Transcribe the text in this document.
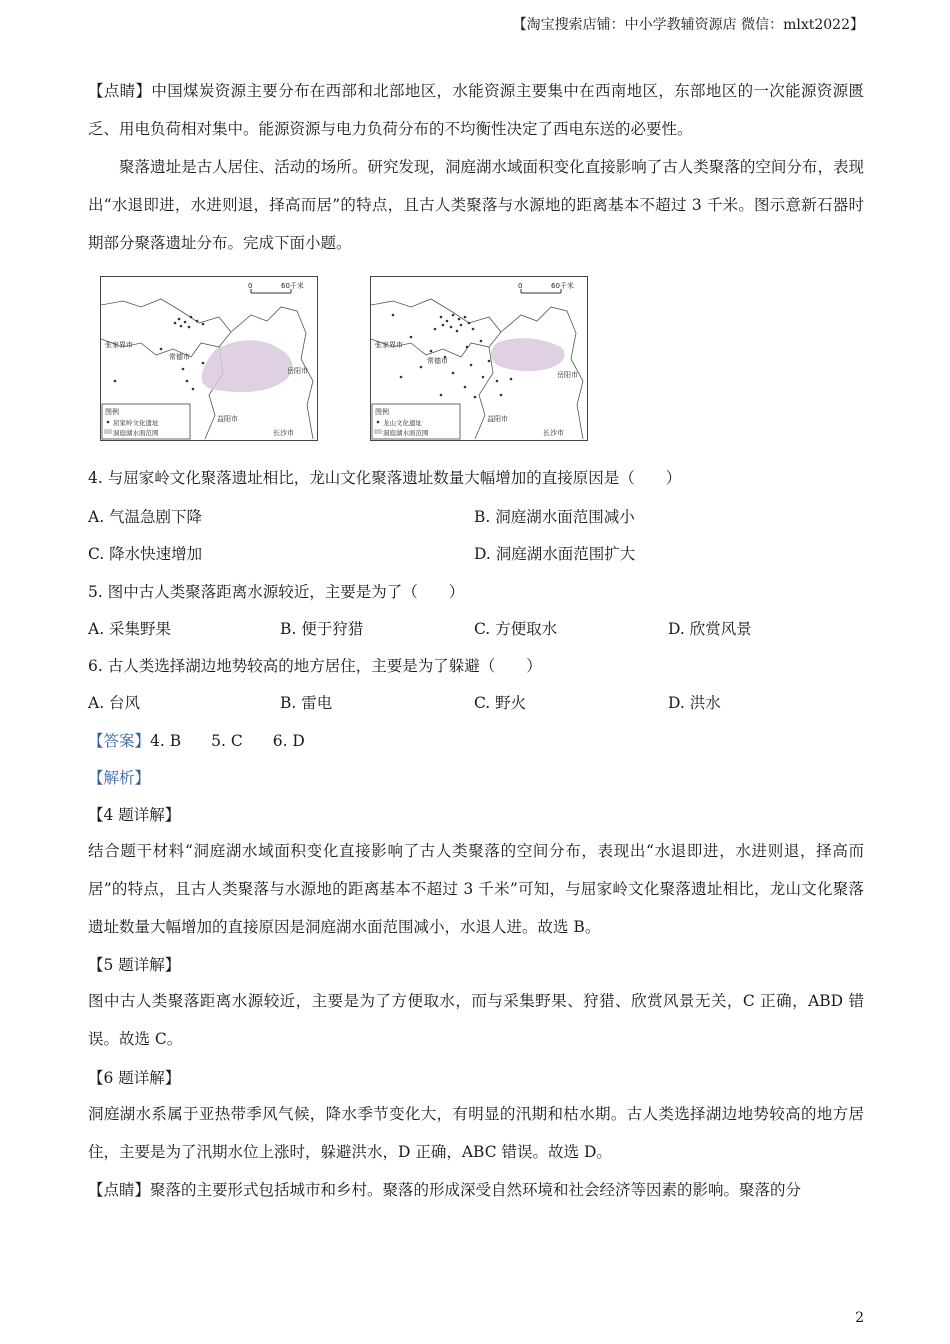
【淘宝搜索店铺：中小学教辅资源店 微信：mlxt2022】

【点睛】中国煤炭资源主要分布在西部和北部地区，水能资源主要集中在西南地区，东部地区的一次能源资源匮乏、用电负荷相对集中。能源资源与电力负荷分布的不均衡性决定了西电东送的必要性。

聚落遗址是古人居住、活动的场所。研究发现，洞庭湖水域面积变化直接影响了古人类聚落的空间分布，表现出“水退即进，水进则退，择高而居”的特点，且古人类聚落与水源地的距离基本不超过 3 千米。图示意新石器时期部分聚落遗址分布。完成下面小题。

0	60千米
张家界市
常德市
岳阳市
益阳市
长沙市
图例
屈家岭文化遗址
洞庭湖水面范围
0	60千米
张家界市
常德市
岳阳市
益阳市
长沙市
图例
龙山文化遗址
洞庭湖水面范围
4. 与屈家岭文化聚落遗址相比，龙山文化聚落遗址数量大幅增加的直接原因是（　　）
A. 气温急剧下降	B. 洞庭湖水面范围减小
C. 降水快速增加	D. 洞庭湖水面范围扩大
5. 图中古人类聚落距离水源较近，主要是为了（　　）
A. 采集野果	B. 便于狩猎	C. 方便取水	D. 欣赏风景
6. 古人类选择湖边地势较高的地方居住，主要是为了躲避（　　）
A. 台风	B. 雷电	C. 野火	D. 洪水
【答案】4. B 5. C 6. D
【解析】
【4 题详解】

结合题干材料“洞庭湖水域面积变化直接影响了古人类聚落的空间分布，表现出“水退即进，水进则退，择高而居”的特点，且古人类聚落与水源地的距离基本不超过 3 千米”可知，与屈家岭文化聚落遗址相比，龙山文化聚落遗址数量大幅增加的直接原因是洞庭湖水面范围减小，水退人进。故选 B。

【5 题详解】

图中古人类聚落距离水源较近，主要是为了方便取水，而与采集野果、狩猎、欣赏风景无关，C 正确，ABD 错误。故选 C。

【6 题详解】

洞庭湖水系属于亚热带季风气候，降水季节变化大，有明显的汛期和枯水期。古人类选择湖边地势较高的地方居住，主要是为了汛期水位上涨时，躲避洪水，D 正确，ABC 错误。故选 D。

【点睛】聚落的主要形式包括城市和乡村。聚落的形成深受自然环境和社会经济等因素的影响。聚落的分
2
